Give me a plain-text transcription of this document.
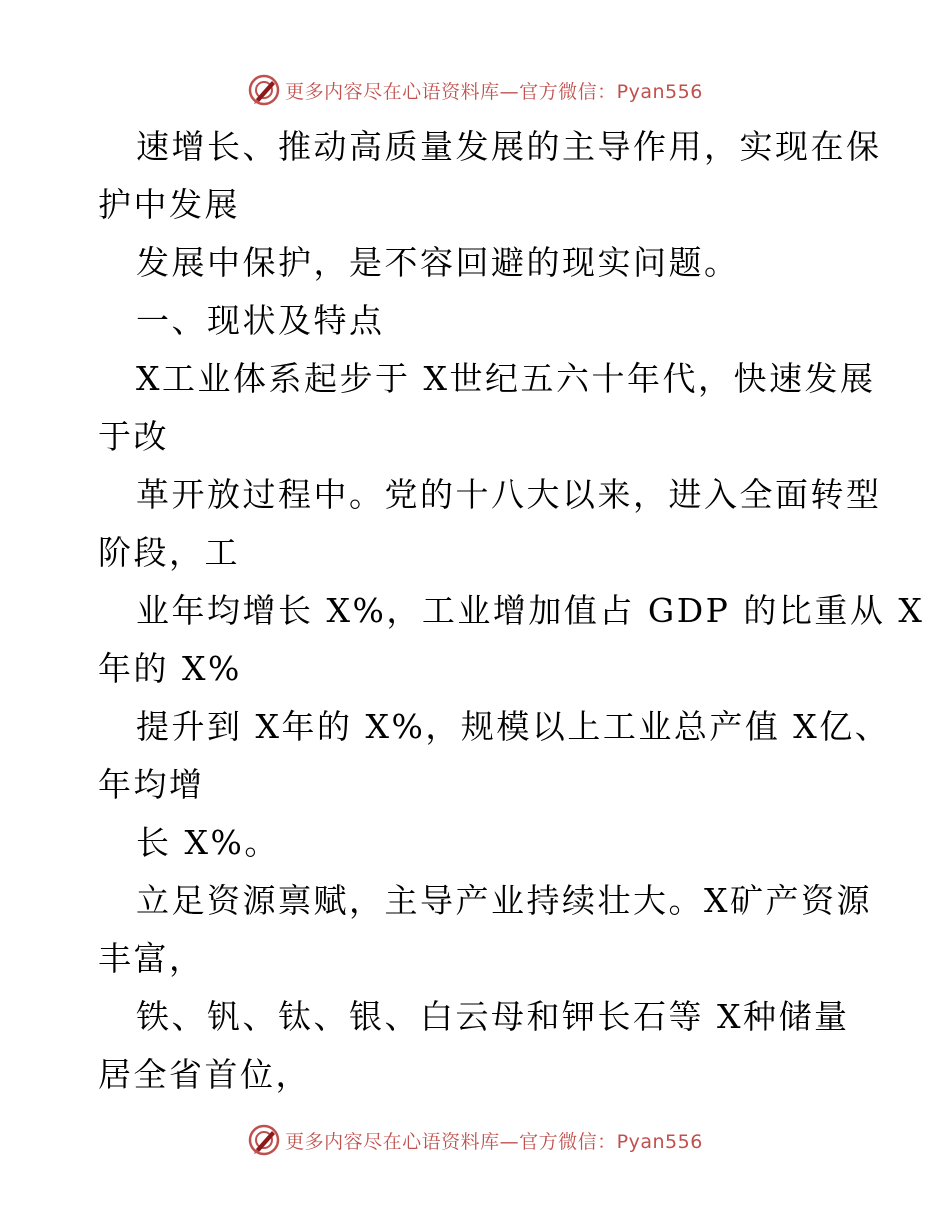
更多内容尽在心语资料库—官方微信：Pyan556
速增长、推动高质量发展的主导作用，实现在保
护中发展
发展中保护，是不容回避的现实问题。
一、现状及特点
X工业体系起步于 X世纪五六十年代，快速发展
于改
革开放过程中。党的十八大以来，进入全面转型
阶段，工
业年均增长 X%，工业增加值占 GDP 的比重从 X
年的 X%
提升到 X年的 X%，规模以上工业总产值 X亿、
年均增
长 X%。
立足资源禀赋，主导产业持续壮大。X矿产资源
丰富，
铁、钒、钛、银、白云母和钾长石等 X种储量
居全省首位，
更多内容尽在心语资料库—官方微信：Pyan556
